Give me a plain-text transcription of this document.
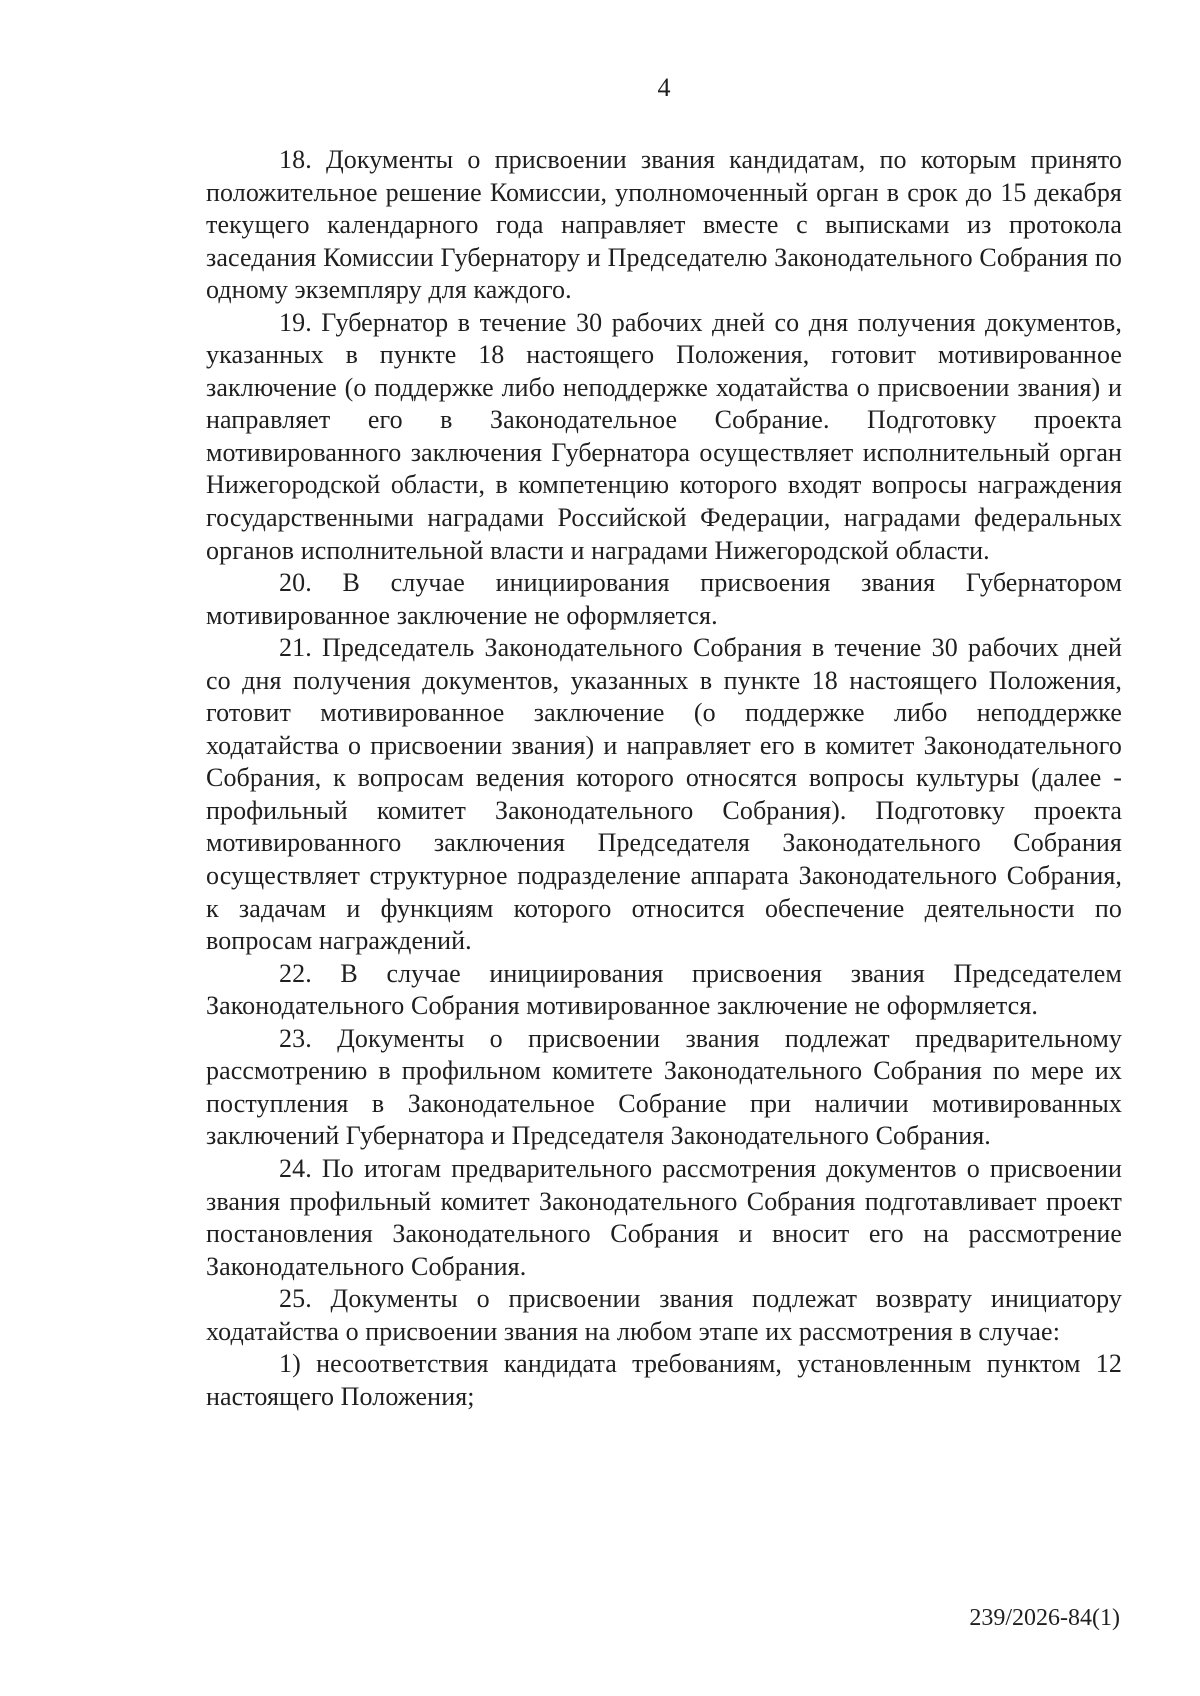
4

18. Документы о присвоении звания кандидатам, по которым принято положительное решение Комиссии, уполномоченный орган в срок до 15 декабря текущего календарного года направляет вместе с выписками из протокола заседания Комиссии Губернатору и Председателю Законодательного Собрания по одному экземпляру для каждого.

19. Губернатор в течение 30 рабочих дней со дня получения документов, указанных в пункте 18 настоящего Положения, готовит мотивированное заключение (о поддержке либо неподдержке ходатайства о присвоении звания) и направляет его в Законодательное Собрание. Подготовку проекта мотивированного заключения Губернатора осуществляет исполнительный орган Нижегородской области, в компетенцию которого входят вопросы награждения государственными наградами Российской Федерации, наградами федеральных органов исполнительной власти и наградами Нижегородской области.

20. В случае инициирования присвоения звания Губернатором мотивированное заключение не оформляется.

21. Председатель Законодательного Собрания в течение 30 рабочих дней со дня получения документов, указанных в пункте 18 настоящего Положения, готовит мотивированное заключение (о поддержке либо неподдержке ходатайства о присвоении звания) и направляет его в комитет Законодательного Собрания, к вопросам ведения которого относятся вопросы культуры (далее - профильный комитет Законодательного Собрания). Подготовку проекта мотивированного заключения Председателя Законодательного Собрания осуществляет структурное подразделение аппарата Законодательного Собрания, к задачам и функциям которого относится обеспечение деятельности по вопросам награждений.

22. В случае инициирования присвоения звания Председателем Законодательного Собрания мотивированное заключение не оформляется.

23. Документы о присвоении звания подлежат предварительному рассмотрению в профильном комитете Законодательного Собрания по мере их поступления в Законодательное Собрание при наличии мотивированных заключений Губернатора и Председателя Законодательного Собрания.

24. По итогам предварительного рассмотрения документов о присвоении звания профильный комитет Законодательного Собрания подготавливает проект постановления Законодательного Собрания и вносит его на рассмотрение Законодательного Собрания.

25. Документы о присвоении звания подлежат возврату инициатору ходатайства о присвоении звания на любом этапе их рассмотрения в случае:

1) несоответствия кандидата требованиям, установленным пунктом 12 настоящего Положения;

239/2026-84(1)
